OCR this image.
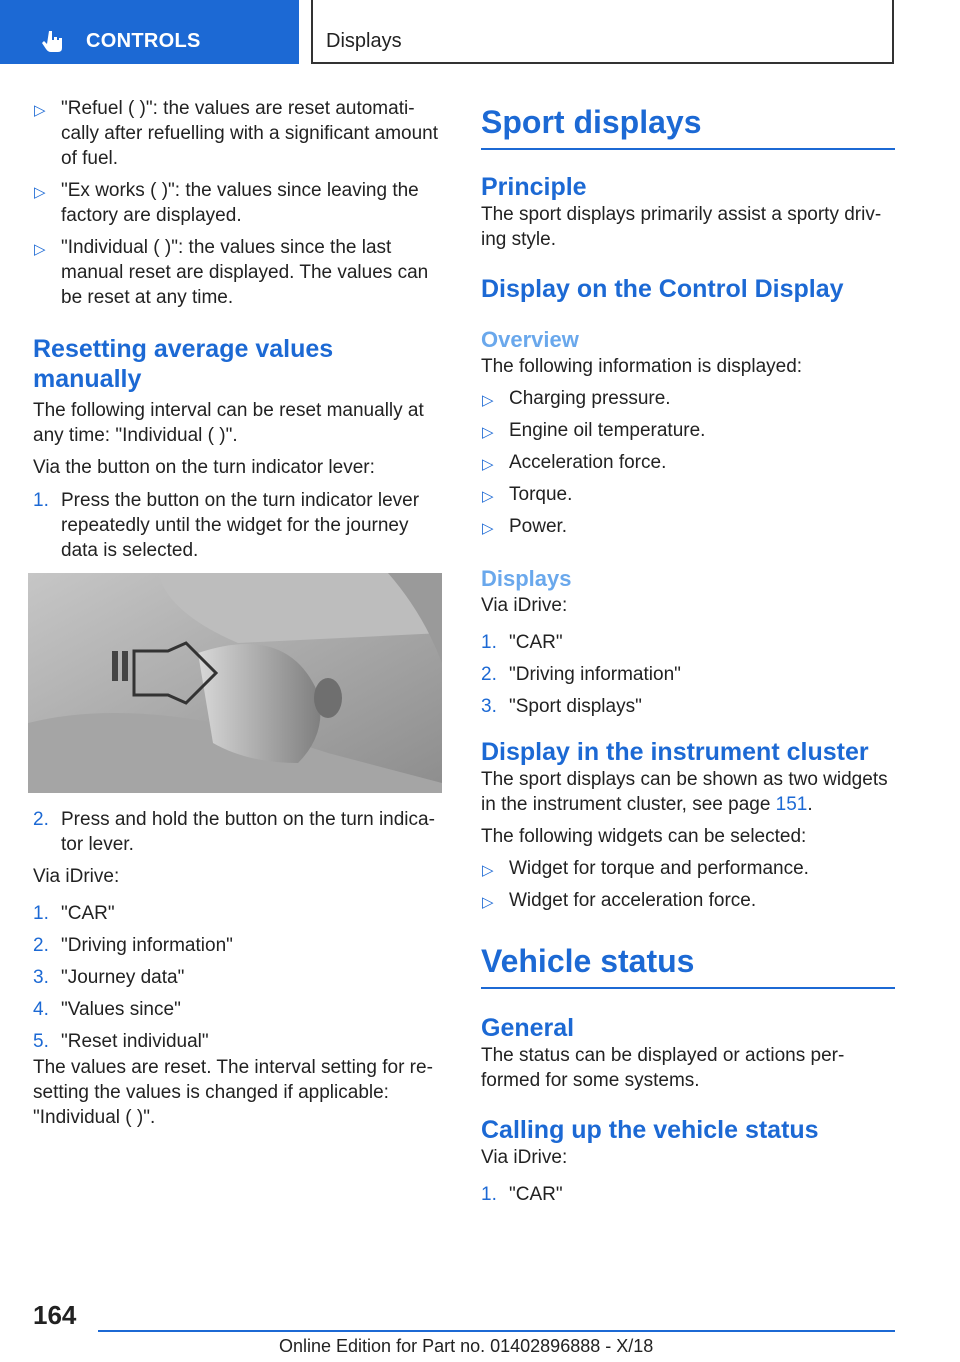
CONTROLS	Displays
▷ "Refuel ( )": the values are reset automati-cally after refuelling with a significant amount of fuel.
▷ "Ex works ( )": the values since leaving the factory are displayed.
▷ "Individual ( )": the values since the last manual reset are displayed. The values can be reset at any time.
Resetting average values manually

The following interval can be reset manually at any time: "Individual ( )".

Via the button on the turn indicator lever:

1. Press the button on the turn indicator lever repeatedly until the widget for the journey data is selected.
2. Press and hold the button on the turn indica-tor lever.

Via iDrive:

1. "CAR"
2. "Driving information"
3. "Journey data"
4. "Values since"
5. "Reset individual"

The values are reset. The interval setting for re-setting the values is changed if applicable: "Individual ( )".

Sport displays
Principle

The sport displays primarily assist a sporty driv-ing style.

Display on the Control Display
Overview

The following information is displayed:

▷ Charging pressure.
▷ Engine oil temperature.
▷ Acceleration force.
▷ Torque.
▷ Power.
Displays

Via iDrive:

1. "CAR"
2. "Driving information"
3. "Sport displays"
Display in the instrument cluster

The sport displays can be shown as two widgets in the instrument cluster, see page 151.

The following widgets can be selected:

▷ Widget for torque and performance.
▷ Widget for acceleration force.
Vehicle status
General

The status can be displayed or actions per-formed for some systems.

Calling up the vehicle status

Via iDrive:

1. "CAR"
164
Online Edition for Part no. 01402896888 - X/18
